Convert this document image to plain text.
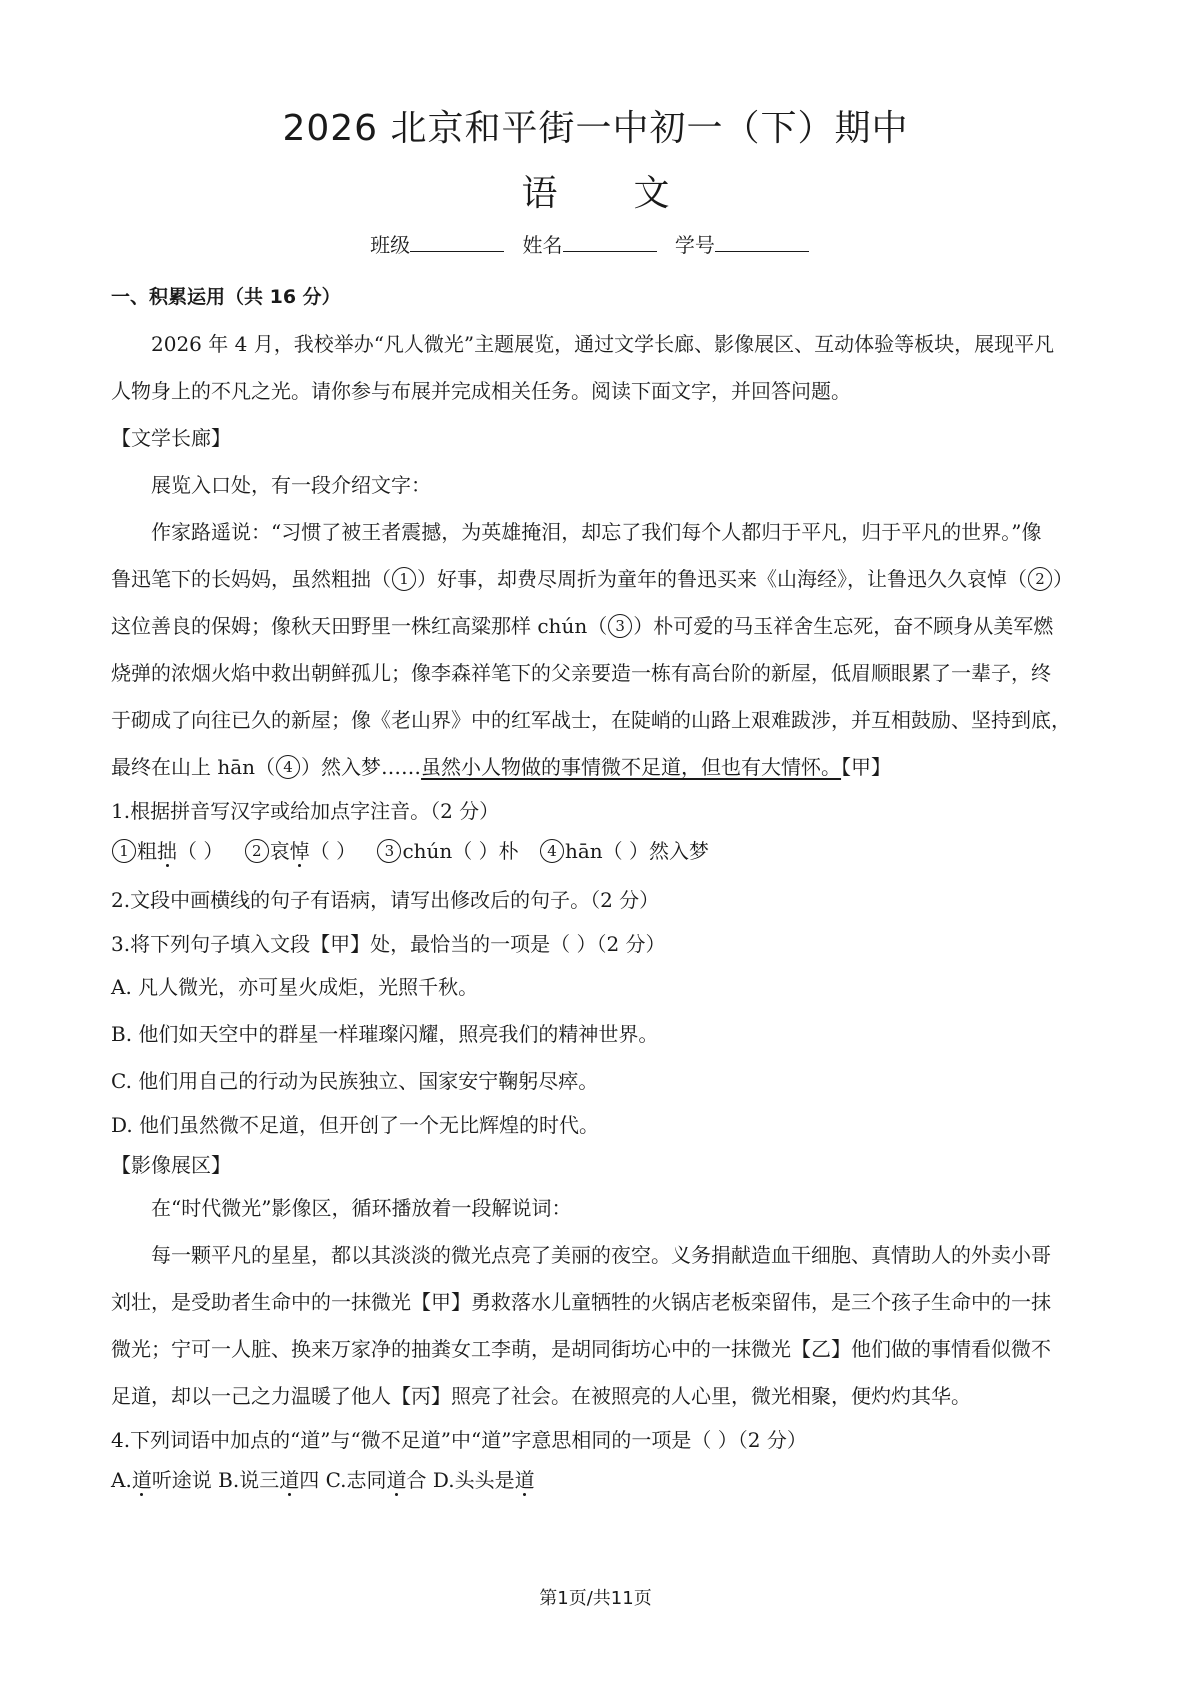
2026 北京和平街一中初一（下）期中
语 文
班级	姓名	学号
一、积累运用（共 16 分）
2026 年 4 月，我校举办“凡人微光”主题展览，通过文学长廊、影像展区、互动体验等板块，展现平凡
人物身上的不凡之光。请你参与布展并完成相关任务。阅读下面文字，并回答问题。
【文学长廊】
展览入口处，有一段介绍文字：
作家路遥说：“习惯了被王者震撼，为英雄掩泪，却忘了我们每个人都归于平凡，归于平凡的世界。”像
鲁迅笔下的长妈妈，虽然粗拙（ 1 ）好事，却费尽周折为童年的鲁迅买来《山海经》，让鲁迅久久哀悼（ 2 ）
这位善良的保姆；像秋天田野里一株红高粱那样 chún（ 3 ）朴可爱的马玉祥舍生忘死，奋不顾身从美军燃
烧弹的浓烟火焰中救出朝鲜孤儿；像李森祥笔下的父亲要造一栋有高台阶的新屋，低眉顺眼累了一辈子，终
于砌成了向往已久的新屋；像《老山界》中的红军战士，在陡峭的山路上艰难跋涉，并互相鼓励、坚持到底，
最终在山上 hān（ 4 ）然入梦……虽然小人物做的事情微不足道，但也有大情怀。【甲】
1.根据拼音写汉字或给加点字注音。（2 分）
1 粗拙（ ） 2 哀悼（ ） 3 chún（ ）朴 4 hān（ ）然入梦
2.文段中画横线的句子有语病，请写出修改后的句子。（2 分）
3.将下列句子填入文段【甲】处，最恰当的一项是（ ）（2 分）
A. 凡人微光，亦可星火成炬，光照千秋。
B. 他们如天空中的群星一样璀璨闪耀，照亮我们的精神世界。
C. 他们用自己的行动为民族独立、国家安宁鞠躬尽瘁。
D. 他们虽然微不足道，但开创了一个无比辉煌的时代。
【影像展区】
在“时代微光”影像区，循环播放着一段解说词：
每一颗平凡的星星，都以其淡淡的微光点亮了美丽的夜空。义务捐献造血干细胞、真情助人的外卖小哥
刘壮，是受助者生命中的一抹微光【甲】勇救落水儿童牺牲的火锅店老板栾留伟，是三个孩子生命中的一抹
微光；宁可一人脏、换来万家净的抽粪女工李萌，是胡同街坊心中的一抹微光【乙】他们做的事情看似微不
足道，却以一己之力温暖了他人【丙】照亮了社会。在被照亮的人心里，微光相聚，便灼灼其华。
4.下列词语中加点的“道”与“微不足道”中“道”字意思相同的一项是（ ）（2 分）
A.道听途说 B.说三道四 C.志同道合 D.头头是道
第1页/共11页
